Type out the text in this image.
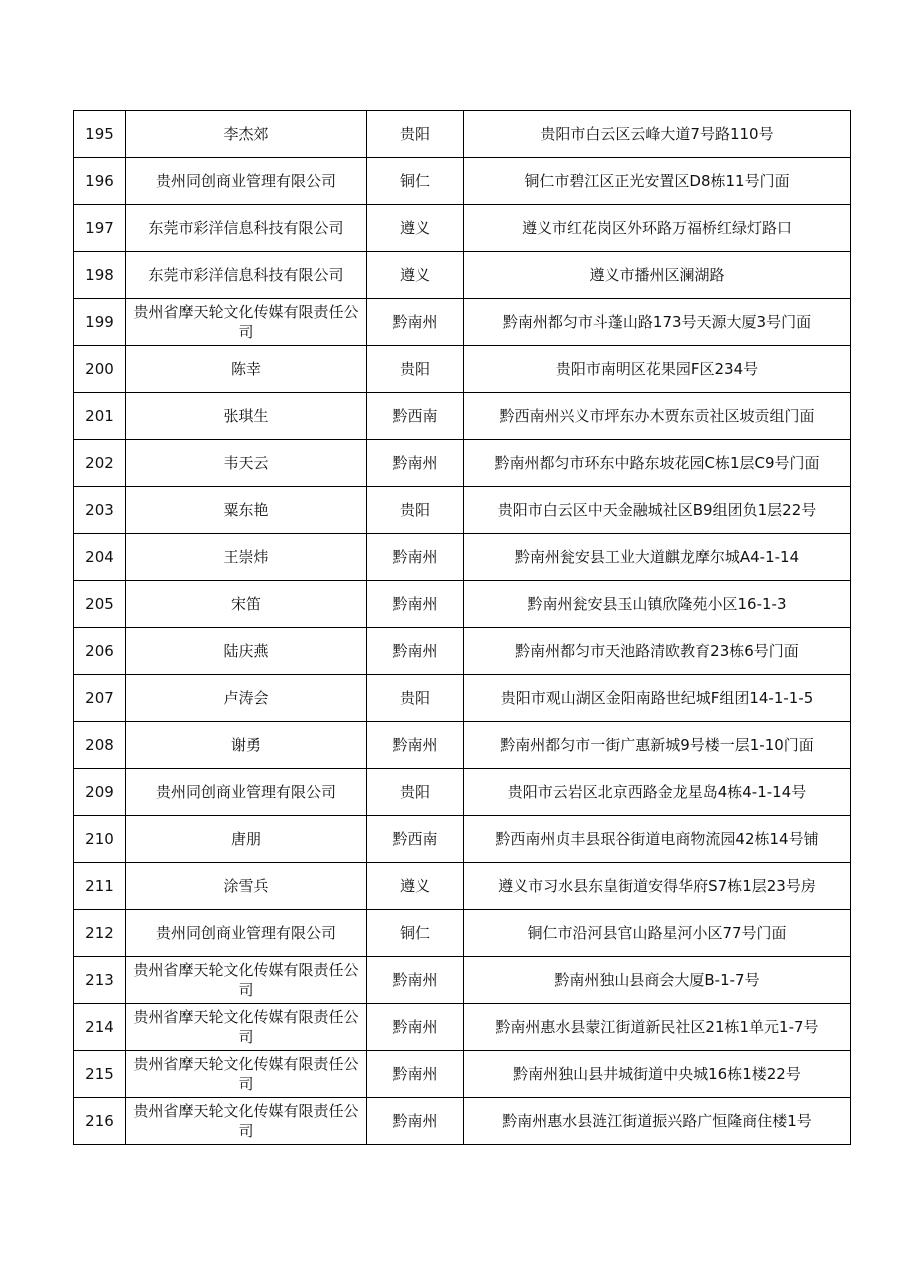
195	李杰郊	贵阳	贵阳市白云区云峰大道7号路110号
196	贵州同创商业管理有限公司	铜仁	铜仁市碧江区正光安置区D8栋11号门面
197	东莞市彩洋信息科技有限公司	遵义	遵义市红花岗区外环路万福桥红绿灯路口
198	东莞市彩洋信息科技有限公司	遵义	遵义市播州区澜湖路
199	贵州省摩天轮文化传媒有限责任公司	黔南州	黔南州都匀市斗蓬山路173号天源大厦3号门面
200	陈幸	贵阳	贵阳市南明区花果园F区234号
201	张琪生	黔西南	黔西南州兴义市坪东办木贾东贡社区坡贡组门面
202	韦天云	黔南州	黔南州都匀市环东中路东坡花园C栋1层C9号门面
203	粟东艳	贵阳	贵阳市白云区中天金融城社区B9组团负1层22号
204	王崇炜	黔南州	黔南州瓮安县工业大道麒龙摩尔城A4-1-14
205	宋笛	黔南州	黔南州瓮安县玉山镇欣隆苑小区16-1-3
206	陆庆燕	黔南州	黔南州都匀市天池路清欧教育23栋6号门面
207	卢涛会	贵阳	贵阳市观山湖区金阳南路世纪城F组团14-1-1-5
208	谢勇	黔南州	黔南州都匀市一街广惠新城9号楼一层1-10门面
209	贵州同创商业管理有限公司	贵阳	贵阳市云岩区北京西路金龙星岛4栋4-1-14号
210	唐朋	黔西南	黔西南州贞丰县珉谷街道电商物流园42栋14号铺
211	涂雪兵	遵义	遵义市习水县东皇街道安得华府S7栋1层23号房
212	贵州同创商业管理有限公司	铜仁	铜仁市沿河县官山路星河小区77号门面
213	贵州省摩天轮文化传媒有限责任公司	黔南州	黔南州独山县商会大厦B-1-7号
214	贵州省摩天轮文化传媒有限责任公司	黔南州	黔南州惠水县蒙江街道新民社区21栋1单元1-7号
215	贵州省摩天轮文化传媒有限责任公司	黔南州	黔南州独山县井城街道中央城16栋1楼22号
216	贵州省摩天轮文化传媒有限责任公司	黔南州	黔南州惠水县涟江街道振兴路广恒隆商住楼1号
